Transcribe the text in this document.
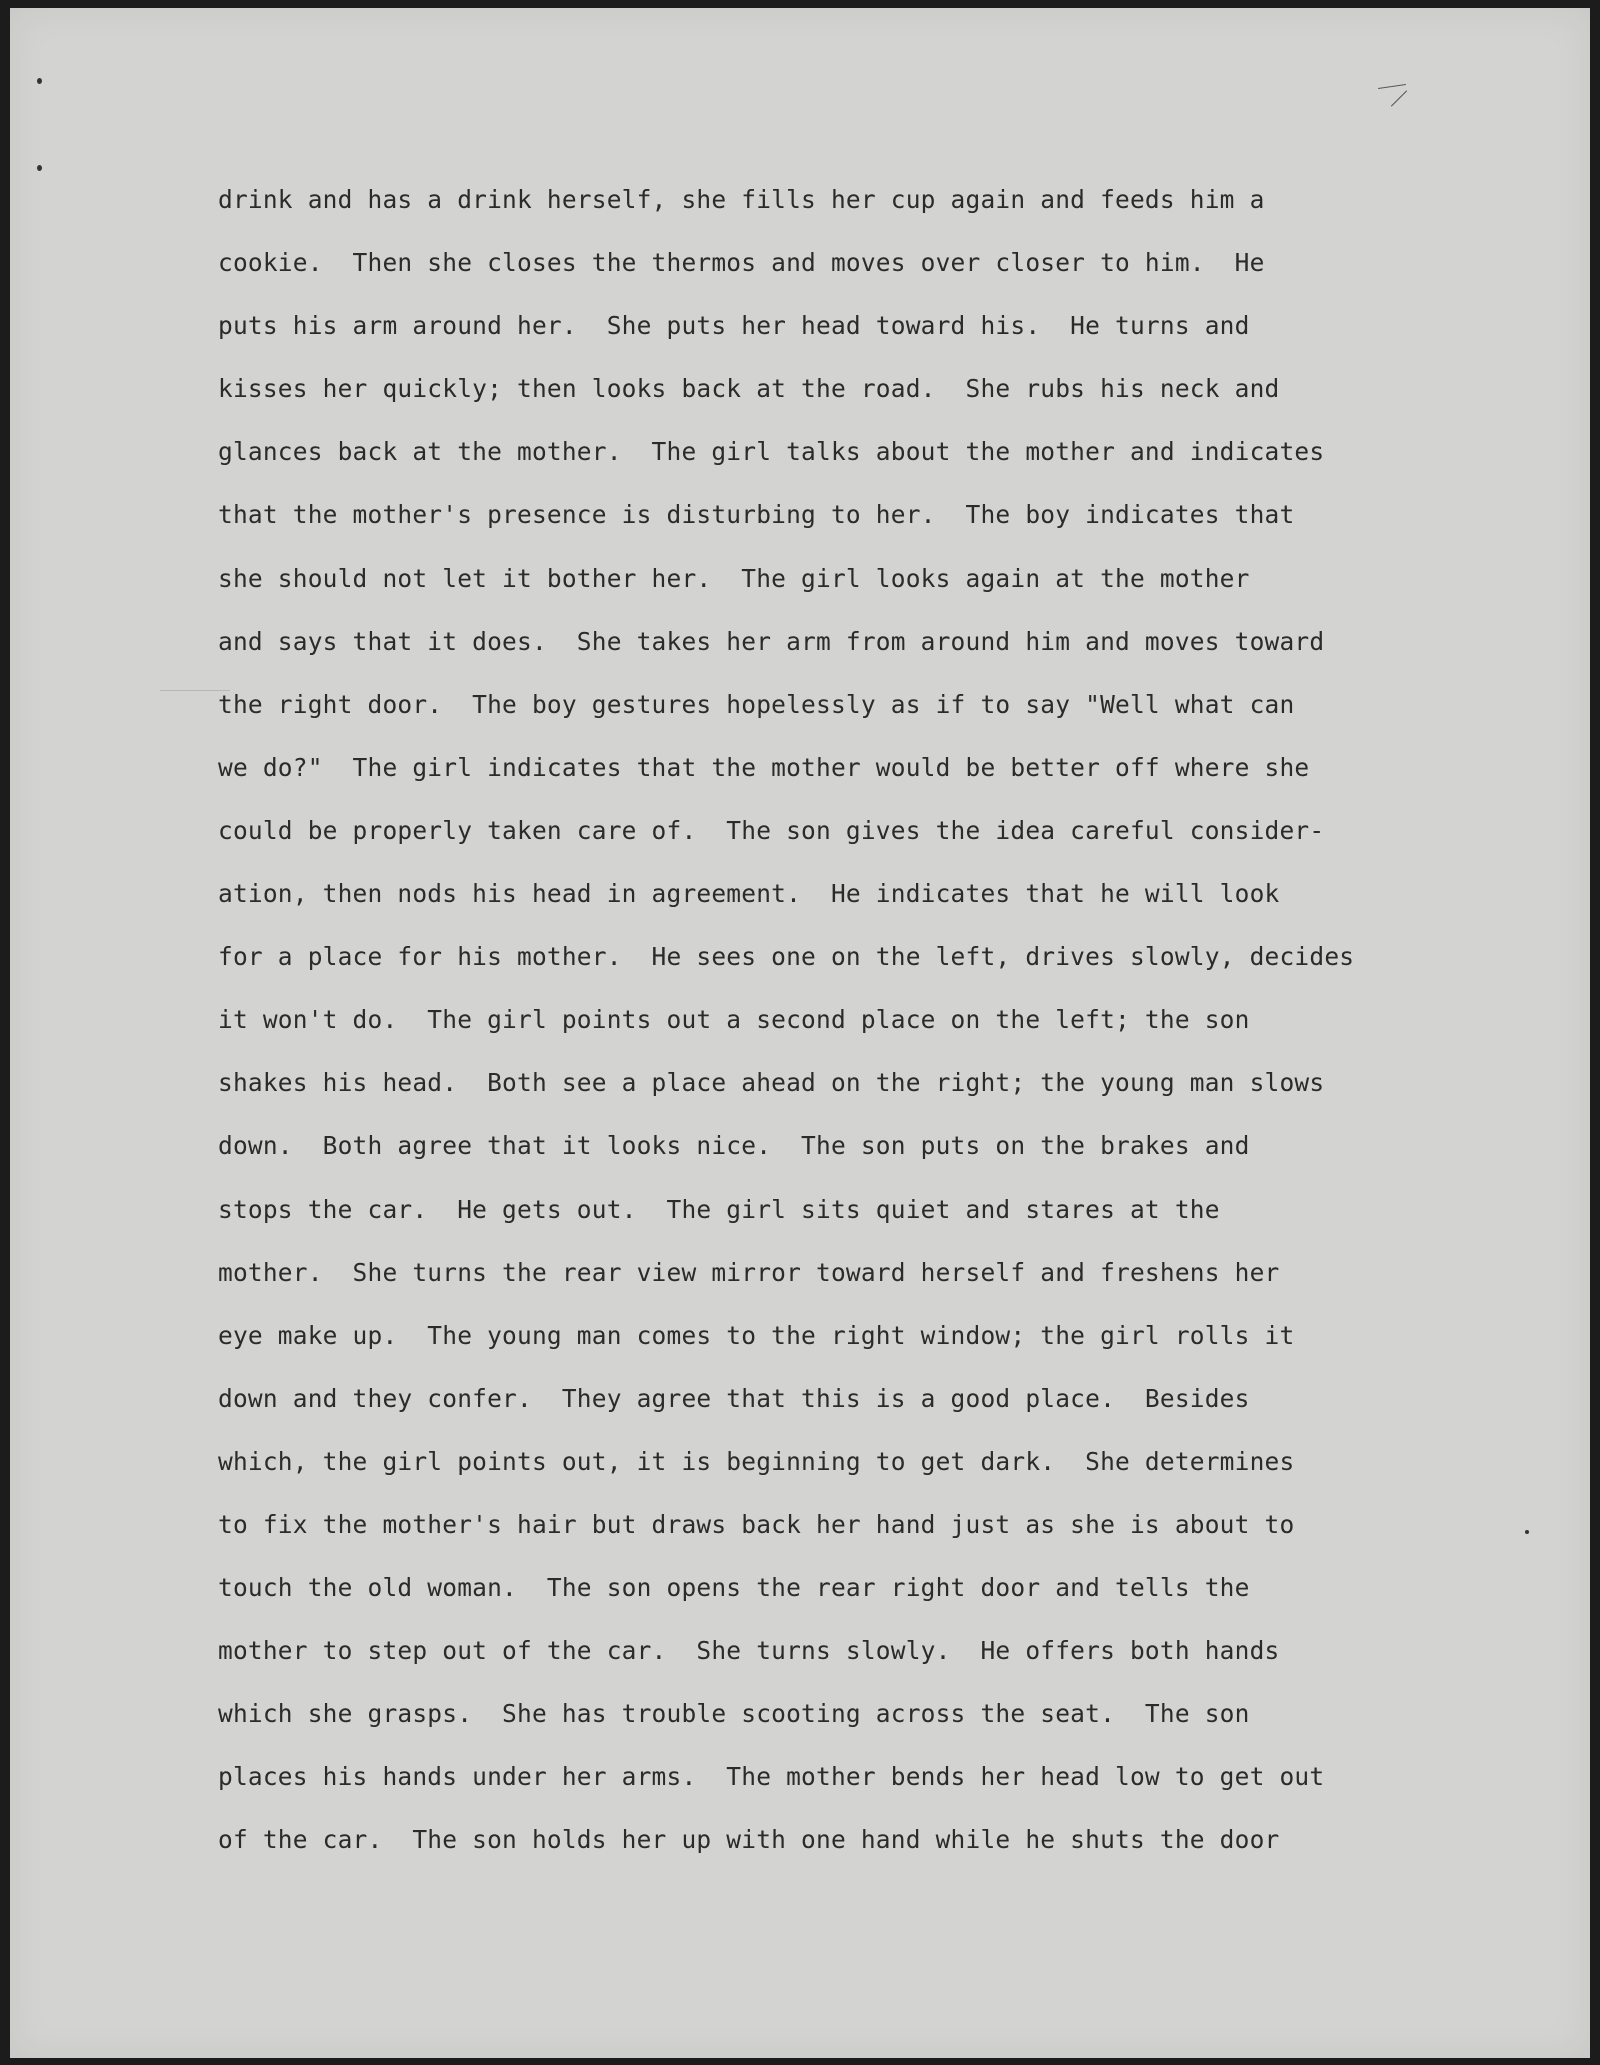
drink and has a drink herself, she fills her cup again and feeds him a
cookie.  Then she closes the thermos and moves over closer to him.  He
puts his arm around her.  She puts her head toward his.  He turns and
kisses her quickly; then looks back at the road.  She rubs his neck and
glances back at the mother.  The girl talks about the mother and indicates
that the mother's presence is disturbing to her.  The boy indicates that
she should not let it bother her.  The girl looks again at the mother
and says that it does.  She takes her arm from around him and moves toward
the right door.  The boy gestures hopelessly as if to say "Well what can
we do?"  The girl indicates that the mother would be better off where she
could be properly taken care of.  The son gives the idea careful consider-
ation, then nods his head in agreement.  He indicates that he will look
for a place for his mother.  He sees one on the left, drives slowly, decides
it won't do.  The girl points out a second place on the left; the son
shakes his head.  Both see a place ahead on the right; the young man slows
down.  Both agree that it looks nice.  The son puts on the brakes and
stops the car.  He gets out.  The girl sits quiet and stares at the
mother.  She turns the rear view mirror toward herself and freshens her
eye make up.  The young man comes to the right window; the girl rolls it
down and they confer.  They agree that this is a good place.  Besides
which, the girl points out, it is beginning to get dark.  She determines
to fix the mother's hair but draws back her hand just as she is about to
touch the old woman.  The son opens the rear right door and tells the
mother to step out of the car.  She turns slowly.  He offers both hands
which she grasps.  She has trouble scooting across the seat.  The son
places his hands under her arms.  The mother bends her head low to get out
of the car.  The son holds her up with one hand while he shuts the door
